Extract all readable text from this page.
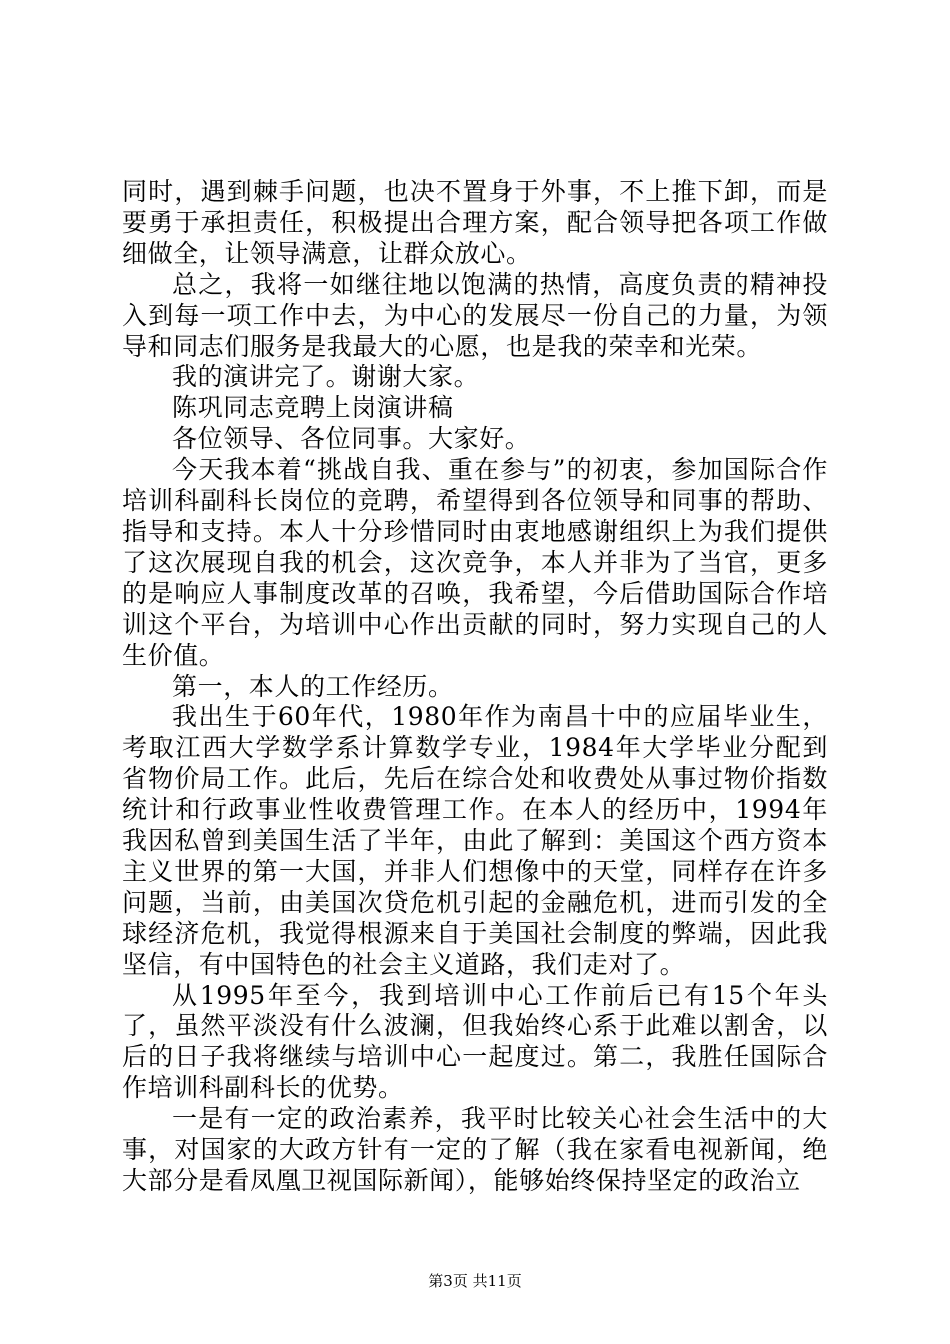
同时，遇到棘手问题，也决不置身于外事，不上推下卸，而是要勇于承担责任，积极提出合理方案，配合领导把各项工作做细做全，让领导满意，让群众放心。

总之，我将一如继往地以饱满的热情，高度负责的精神投入到每一项工作中去，为中心的发展尽一份自己的力量，为领导和同志们服务是我最大的心愿，也是我的荣幸和光荣。

我的演讲完了。谢谢大家。

陈巩同志竞聘上岗演讲稿

各位领导、各位同事。大家好。

今天我本着“挑战自我、重在参与”的初衷，参加国际合作培训科副科长岗位的竞聘，希望得到各位领导和同事的帮助、指导和支持。本人十分珍惜同时由衷地感谢组织上为我们提供了这次展现自我的机会，这次竞争，本人并非为了当官，更多的是响应人事制度改革的召唤，我希望，今后借助国际合作培训这个平台，为培训中心作出贡献的同时，努力实现自己的人生价值。

第一，本人的工作经历。

我出生于60年代，1980年作为南昌十中的应届毕业生，考取江西大学数学系计算数学专业，1984年大学毕业分配到省物价局工作。此后，先后在综合处和收费处从事过物价指数统计和行政事业性收费管理工作。在本人的经历中，1994年我因私曾到美国生活了半年，由此了解到：美国这个西方资本主义世界的第一大国，并非人们想像中的天堂，同样存在许多问题，当前，由美国次贷危机引起的金融危机，进而引发的全球经济危机，我觉得根源来自于美国社会制度的弊端，因此我坚信，有中国特色的社会主义道路，我们走对了。

从1995年至今，我到培训中心工作前后已有15个年头了，虽然平淡没有什么波澜，但我始终心系于此难以割舍，以后的日子我将继续与培训中心一起度过。第二，我胜任国际合作培训科副科长的优势。

一是有一定的政治素养，我平时比较关心社会生活中的大事，对国家的大政方针有一定的了解（我在家看电视新闻，绝大部分是看凤凰卫视国际新闻），能够始终保持坚定的政治立

第3页 共11页
